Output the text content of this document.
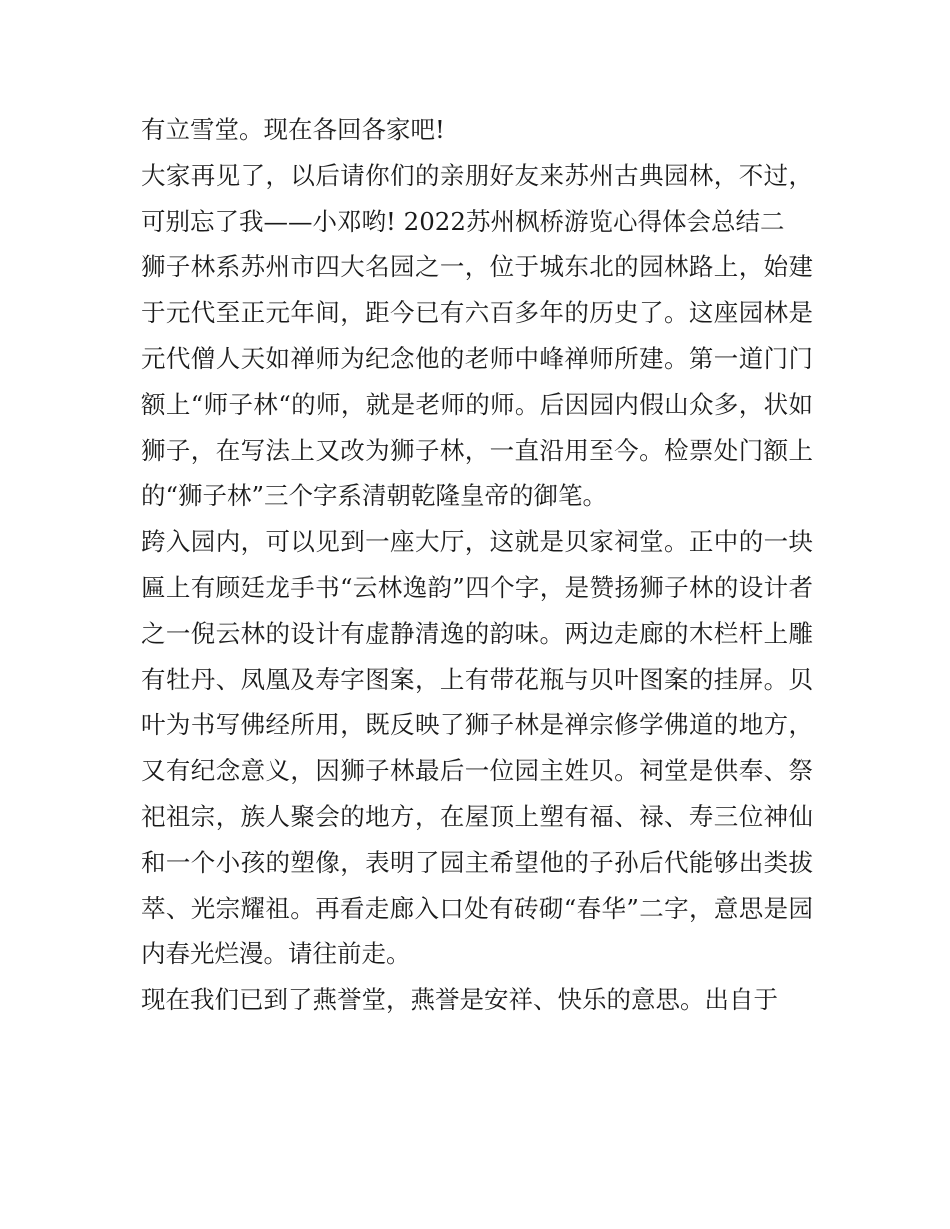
有立雪堂。现在各回各家吧!
大家再见了，以后请你们的亲朋好友来苏州古典园林，不过，
可别忘了我——小邓哟! 2022苏州枫桥游览心得体会总结二
狮子林系苏州市四大名园之一，位于城东北的园林路上，始建
于元代至正元年间，距今已有六百多年的历史了。这座园林是
元代僧人天如禅师为纪念他的老师中峰禅师所建。第一道门门
额上“师子林“的师，就是老师的师。后因园内假山众多，状如
狮子，在写法上又改为狮子林，一直沿用至今。检票处门额上
的“狮子林”三个字系清朝乾隆皇帝的御笔。
跨入园内，可以见到一座大厅，这就是贝家祠堂。正中的一块
匾上有顾廷龙手书“云林逸韵”四个字，是赞扬狮子林的设计者
之一倪云林的设计有虚静清逸的韵味。两边走廊的木栏杆上雕
有牡丹、凤凰及寿字图案，上有带花瓶与贝叶图案的挂屏。贝
叶为书写佛经所用，既反映了狮子林是禅宗修学佛道的地方，
又有纪念意义，因狮子林最后一位园主姓贝。祠堂是供奉、祭
祀祖宗，族人聚会的地方，在屋顶上塑有福、禄、寿三位神仙
和一个小孩的塑像，表明了园主希望他的子孙后代能够出类拔
萃、光宗耀祖。再看走廊入口处有砖砌“春华”二字，意思是园
内春光烂漫。请往前走。
现在我们已到了燕誉堂，燕誉是安祥、快乐的意思。出自于
